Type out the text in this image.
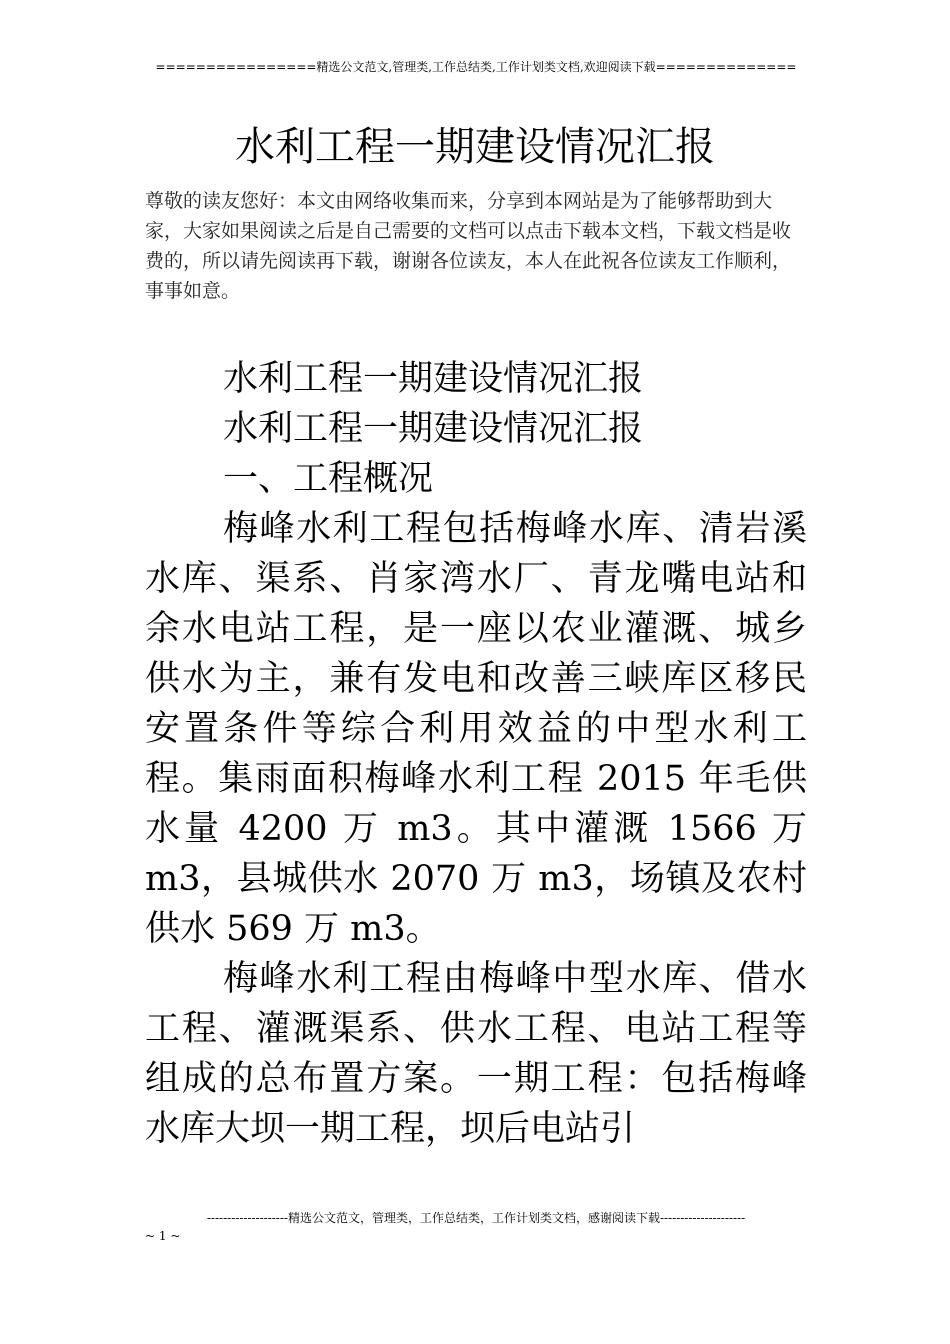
================精选公文范文,管理类,工作总结类,工作计划类文档,欢迎阅读下载==============
水利工程一期建设情况汇报
尊敬的读友您好：本文由网络收集而来，分享到本网站是为了能够帮助到大家，大家如果阅读之后是自己需要的文档可以点击下载本文档，下载文档是收费的，所以请先阅读再下载，谢谢各位读友，本人在此祝各位读友工作顺利，事事如意。
水利工程一期建设情况汇报
水利工程一期建设情况汇报
一、工程概况

梅峰水利工程包括梅峰水库、清岩溪水库、渠系、肖家湾水厂、青龙嘴电站和余水电站工程，是一座以农业灌溉、城乡供水为主，兼有发电和改善三峡库区移民安置条件等综合利用效益的中型水利工程。集雨面积梅峰水利工程 2015 年毛供水量 4200 万 m3。其中灌溉 1566 万 m3，县城供水 2070 万 m3，场镇及农村供水 569 万 m3。

梅峰水利工程由梅峰中型水库、借水工程、灌溉渠系、供水工程、电站工程等组成的总布置方案。一期工程：包括梅峰水库大坝一期工程，坝后电站引

--------------------精选公文范文，管理类，工作总结类，工作计划类文档，感谢阅读下载---------------------
~ 1 ~
